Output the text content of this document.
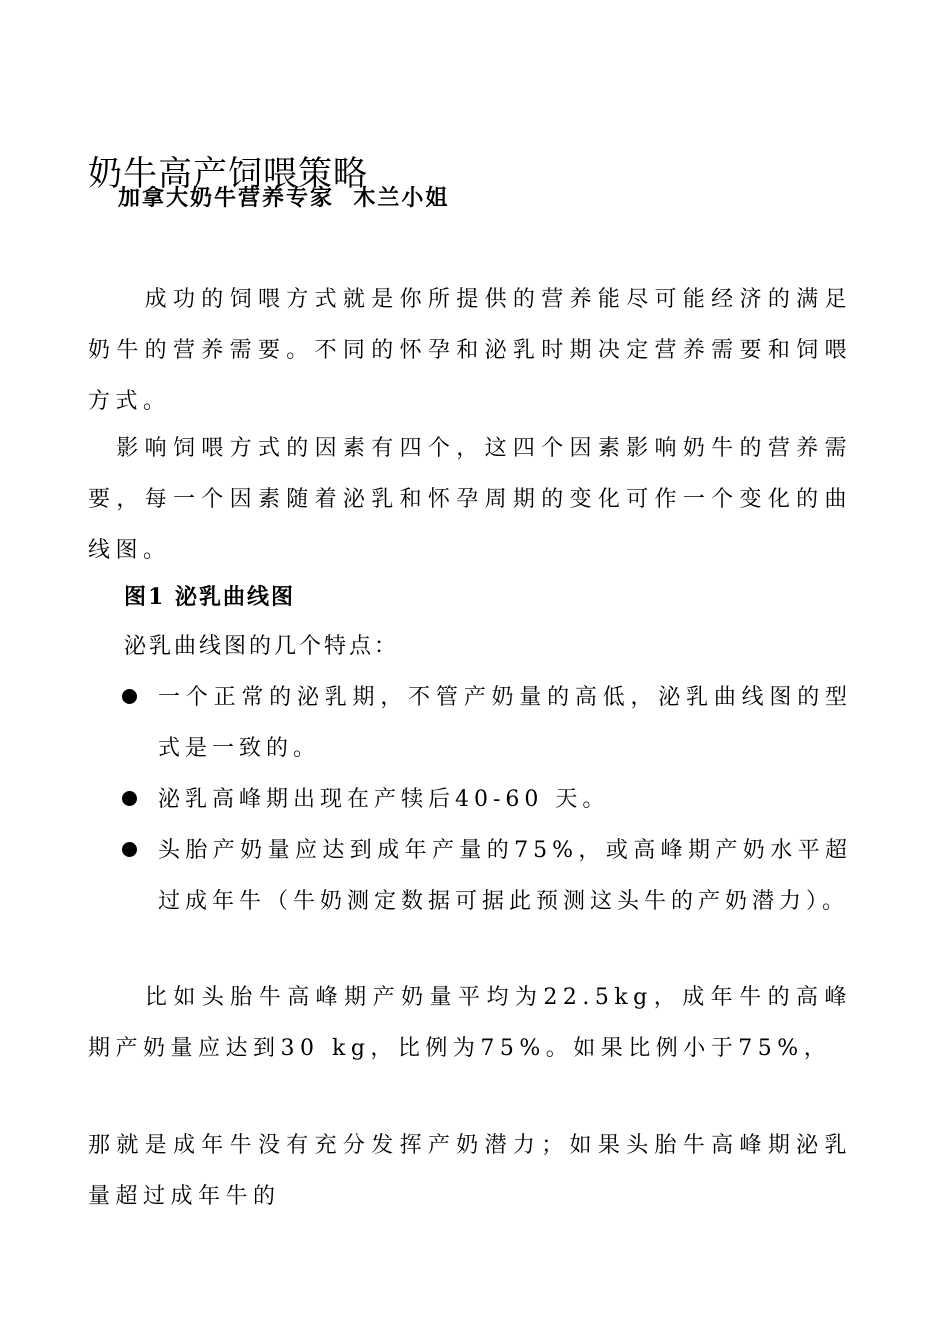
奶牛高产饲喂策略
加拿大奶牛营养专家  木兰小姐

　　成功的饲喂方式就是你所提供的营养能尽可能经济的满足奶牛的营养需要。不同的怀孕和泌乳时期决定营养需要和饲喂方式。

　影响饲喂方式的因素有四个，这四个因素影响奶牛的营养需要，每一个因素随着泌乳和怀孕周期的变化可作一个变化的曲线图。

图1 泌乳曲线图
泌乳曲线图的几个特点：

一个正常的泌乳期，不管产奶量的高低，泌乳曲线图的型式是一致的。

泌乳高峰期出现在产犊后40-60 天。

头胎产奶量应达到成年产量的75%，或高峰期产奶水平超过成年牛（牛奶测定数据可据此预测这头牛的产奶潜力）。

　　比如头胎牛高峰期产奶量平均为22.5kg，成年牛的高峰期产奶量应达到30 kg，比例为75%。如果比例小于75%，

那就是成年牛没有充分发挥产奶潜力；如果头胎牛高峰期泌乳量超过成年牛的
